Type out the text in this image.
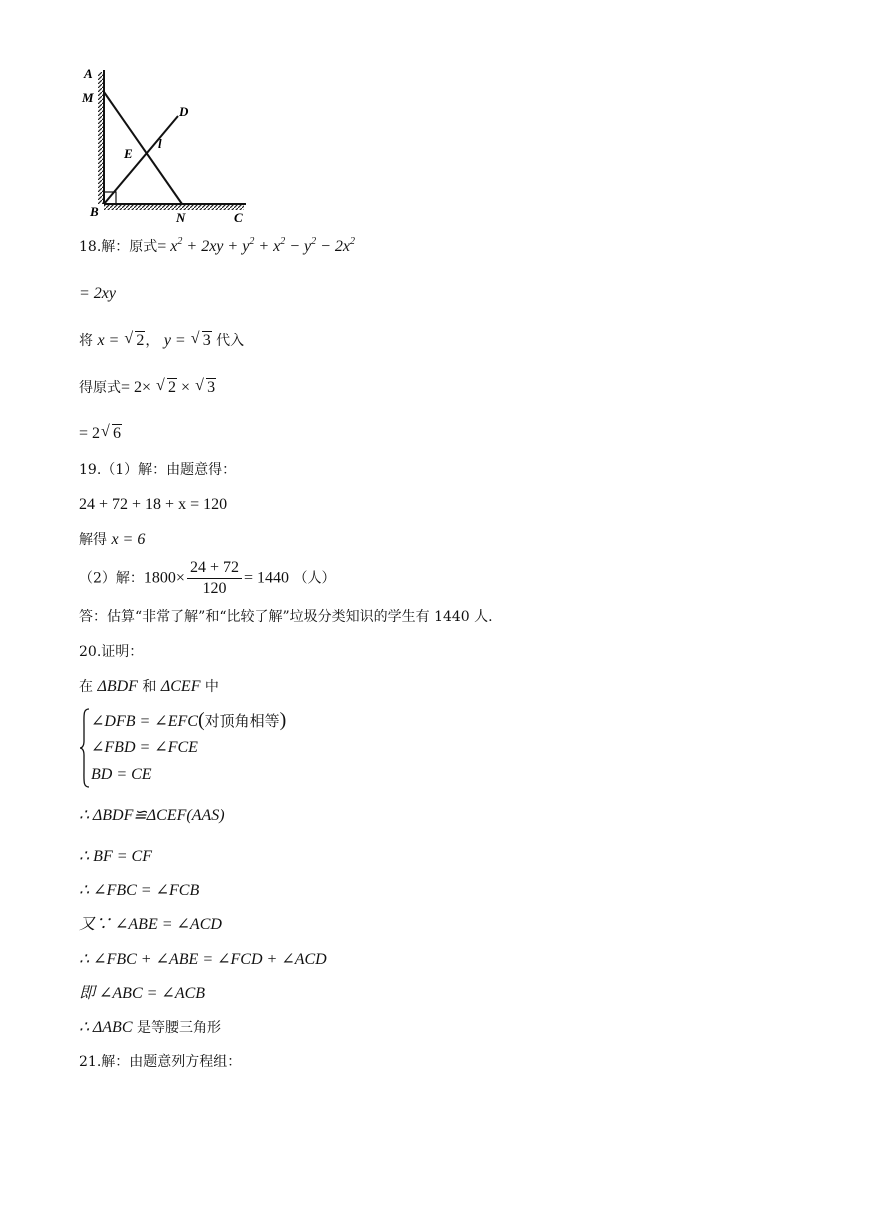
A
M
D
E
l
B	N	C
18.解：原式= $x^2 + 2xy + y^2 + x^2 - y^2 - 2x^2$
= 2xy
将 x = √ 2， y = √ 3 代入
得原式= 2× √ 2 × √ 3
= 2√ 6
19.（1）解：由题意得：
24 + 72 + 18 + x = 120
解得 x = 6
（2）解：$1800\times \frac{24 + 72}{120} = 1440$ （人）
答：估算“非常了解”和“比较了解”垃圾分类知识的学生有 1440 人.
20.证明：
在 ΔBDF 和 ΔCEF 中
∠DFB = ∠EFC(对顶角相等)
∠FBD = ∠FCE
BD = CE
∴ ΔBDF≌ΔCEF(AAS)
∴ BF = CF
∴ ∠FBC = ∠FCB
又∵ ∠ABE = ∠ACD
∴ ∠FBC + ∠ABE = ∠FCD + ∠ACD
即 ∠ABC = ∠ACB
∴ ΔABC 是等腰三角形
21.解：由题意列方程组：
